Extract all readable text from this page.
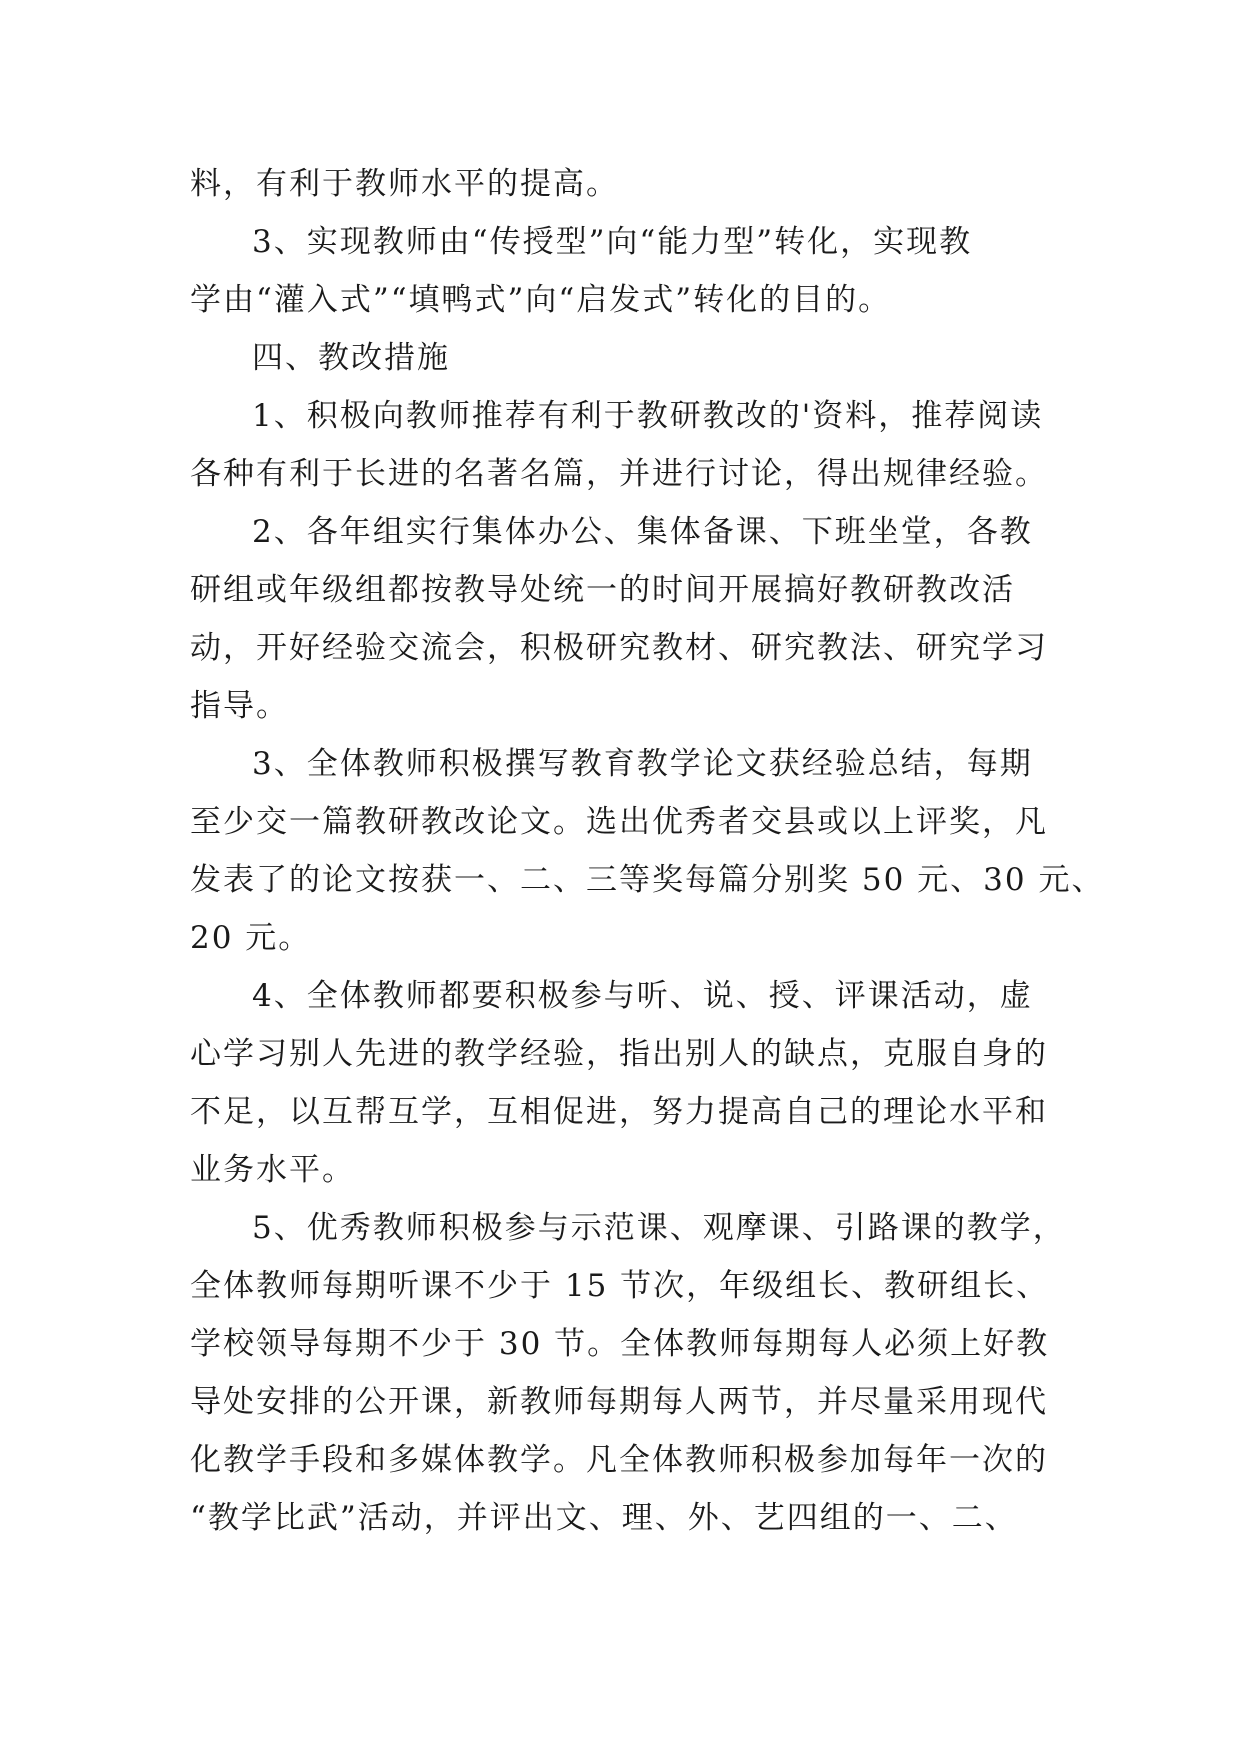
料，有利于教师水平的提高。
3、实现教师由“传授型”向“能力型”转化，实现教
学由“灌入式”“填鸭式”向“启发式”转化的目的。
四、教改措施
1、积极向教师推荐有利于教研教改的'资料，推荐阅读
各种有利于长进的名著名篇，并进行讨论，得出规律经验。
2、各年组实行集体办公、集体备课、下班坐堂，各教
研组或年级组都按教导处统一的时间开展搞好教研教改活
动，开好经验交流会，积极研究教材、研究教法、研究学习
指导。
3、全体教师积极撰写教育教学论文获经验总结，每期
至少交一篇教研教改论文。选出优秀者交县或以上评奖，凡
发表了的论文按获一、二、三等奖每篇分别奖 50 元、30 元、
20 元。
4、全体教师都要积极参与听、说、授、评课活动，虚
心学习别人先进的教学经验，指出别人的缺点，克服自身的
不足，以互帮互学，互相促进，努力提高自己的理论水平和
业务水平。
5、优秀教师积极参与示范课、观摩课、引路课的教学，
全体教师每期听课不少于 15 节次，年级组长、教研组长、
学校领导每期不少于 30 节。全体教师每期每人必须上好教
导处安排的公开课，新教师每期每人两节，并尽量采用现代
化教学手段和多媒体教学。凡全体教师积极参加每年一次的
“教学比武”活动，并评出文、理、外、艺四组的一、二、
